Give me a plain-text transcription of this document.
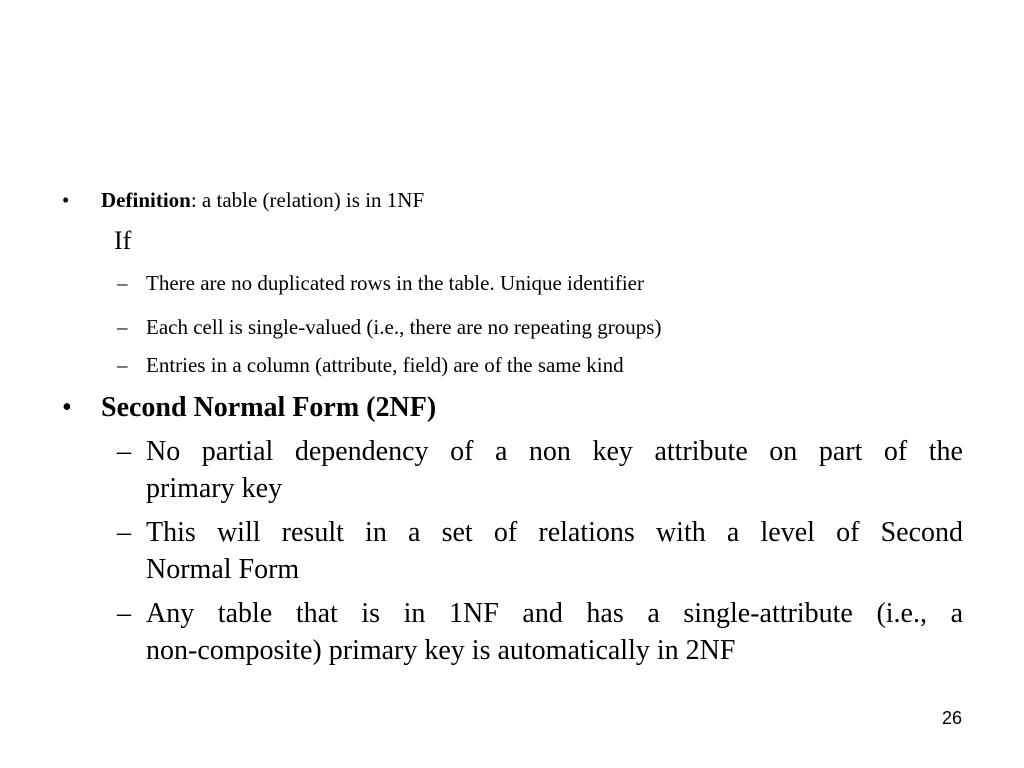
• Definition: a table (relation) is in 1NF
If
– There are no duplicated rows in the table. Unique identifier
– Each cell is single-valued (i.e., there are no repeating groups)
– Entries in a column (attribute, field) are of the same kind
• Second Normal Form (2NF)
– No partial dependency of a non key attribute on part of the
primary key
– This will result in a set of relations with a level of Second
Normal Form
– Any table that is in 1NF and has a single-attribute (i.e., a
non-composite) primary key is automatically in 2NF
26
